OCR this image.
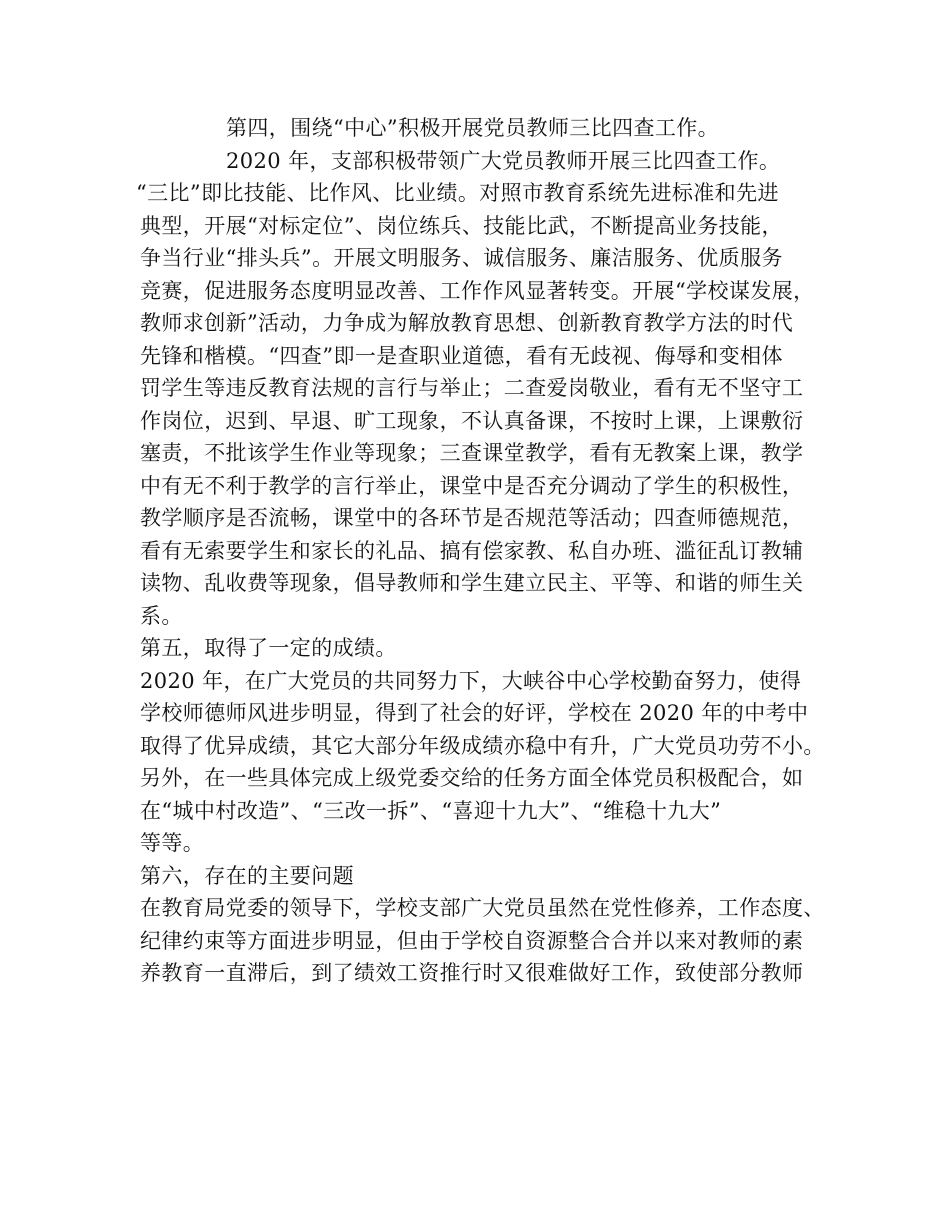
第四，围绕“中心”积极开展党员教师三比四查工作。
2020 年，支部积极带领广大党员教师开展三比四查工作。
“三比”即比技能、比作风、比业绩。对照市教育系统先进标准和先进
典型，开展“对标定位”、岗位练兵、技能比武，不断提高业务技能，
争当行业“排头兵”。开展文明服务、诚信服务、廉洁服务、优质服务
竞赛，促进服务态度明显改善、工作作风显著转变。开展“学校谋发展，
教师求创新”活动，力争成为解放教育思想、创新教育教学方法的时代
先锋和楷模。“四查”即一是查职业道德，看有无歧视、侮辱和变相体
罚学生等违反教育法规的言行与举止；二查爱岗敬业，看有无不坚守工
作岗位，迟到、早退、旷工现象，不认真备课，不按时上课，上课敷衍
塞责，不批该学生作业等现象；三查课堂教学，看有无教案上课，教学
中有无不利于教学的言行举止，课堂中是否充分调动了学生的积极性，
教学顺序是否流畅，课堂中的各环节是否规范等活动；四查师德规范，
看有无索要学生和家长的礼品、搞有偿家教、私自办班、滥征乱订教辅
读物、乱收费等现象，倡导教师和学生建立民主、平等、和谐的师生关
系。
第五，取得了一定的成绩。
2020 年，在广大党员的共同努力下，大峡谷中心学校勤奋努力，使得
学校师德师风进步明显，得到了社会的好评，学校在 2020 年的中考中
取得了优异成绩，其它大部分年级成绩亦稳中有升，广大党员功劳不小。
另外，在一些具体完成上级党委交给的任务方面全体党员积极配合，如
在“城中村改造”、“三改一拆”、“喜迎十九大”、“维稳十九大”
等等。
第六，存在的主要问题
在教育局党委的领导下，学校支部广大党员虽然在党性修养，工作态度、
纪律约束等方面进步明显，但由于学校自资源整合合并以来对教师的素
养教育一直滞后，到了绩效工资推行时又很难做好工作，致使部分教师
